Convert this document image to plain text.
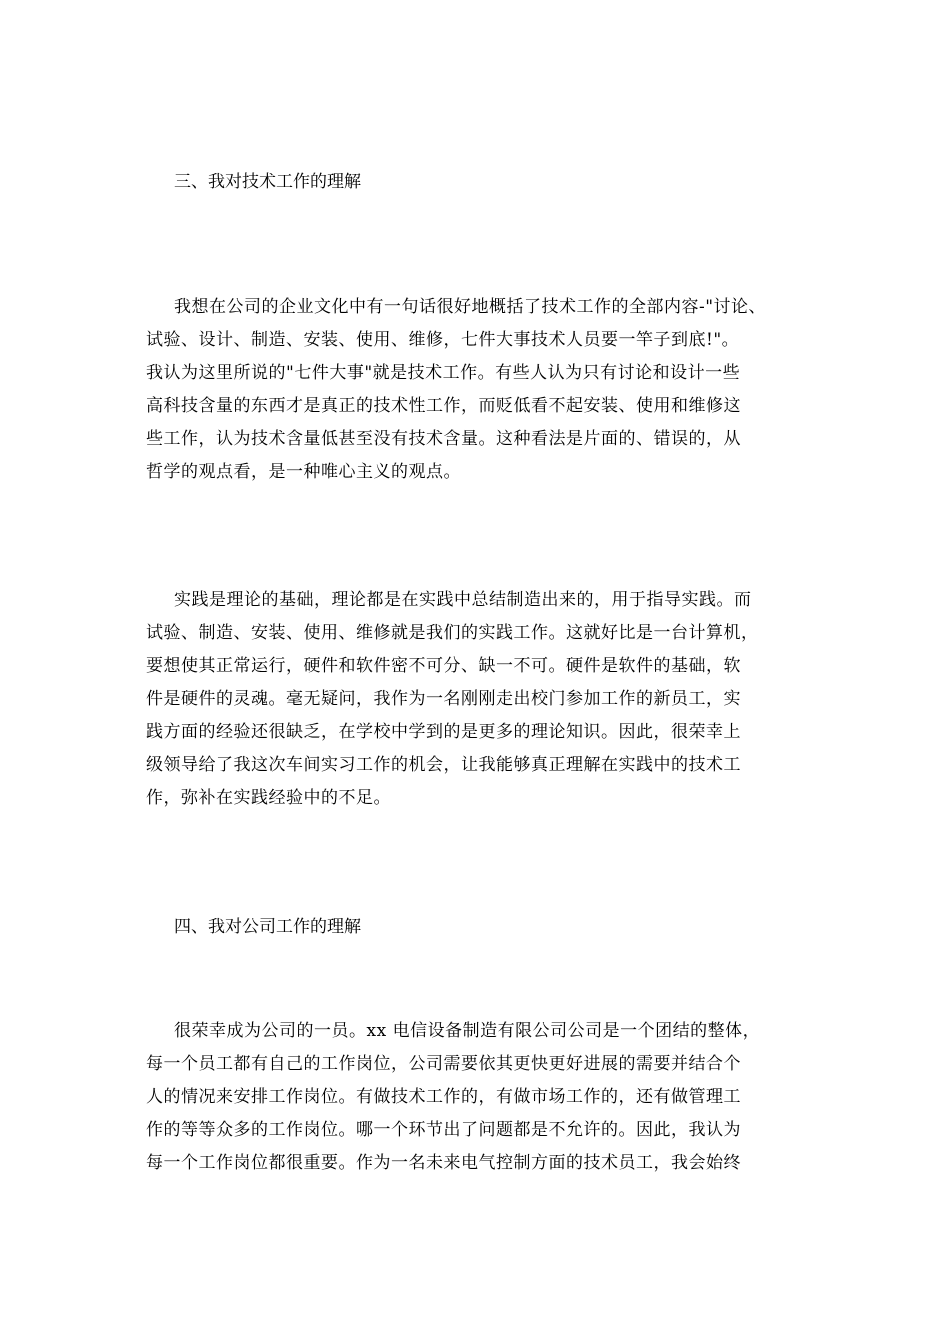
三、我对技术工作的理解
我想在公司的企业文化中有一句话很好地概括了技术工作的全部内容-"讨论、
试验、设计、制造、安装、使用、维修，七件大事技术人员要一竿子到底!"。
我认为这里所说的"七件大事"就是技术工作。有些人认为只有讨论和设计一些
高科技含量的东西才是真正的技术性工作，而贬低看不起安装、使用和维修这
些工作，认为技术含量低甚至没有技术含量。这种看法是片面的、错误的，从
哲学的观点看，是一种唯心主义的观点。
实践是理论的基础，理论都是在实践中总结制造出来的，用于指导实践。而
试验、制造、安装、使用、维修就是我们的实践工作。这就好比是一台计算机，
要想使其正常运行，硬件和软件密不可分、缺一不可。硬件是软件的基础，软
件是硬件的灵魂。毫无疑问，我作为一名刚刚走出校门参加工作的新员工，实
践方面的经验还很缺乏，在学校中学到的是更多的理论知识。因此，很荣幸上
级领导给了我这次车间实习工作的机会，让我能够真正理解在实践中的技术工
作，弥补在实践经验中的不足。
四、我对公司工作的理解
很荣幸成为公司的一员。xx 电信设备制造有限公司公司是一个团结的整体，
每一个员工都有自己的工作岗位，公司需要依其更快更好进展的需要并结合个
人的情况来安排工作岗位。有做技术工作的，有做市场工作的，还有做管理工
作的等等众多的工作岗位。哪一个环节出了问题都是不允许的。因此，我认为
每一个工作岗位都很重要。作为一名未来电气控制方面的技术员工，我会始终
